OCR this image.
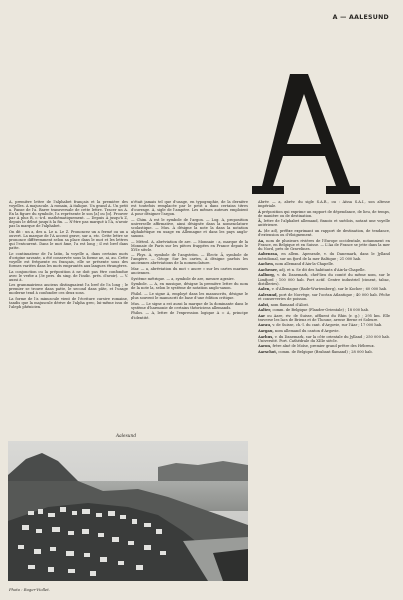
A — AALESUND

A, première lettre de l'alphabet français et la première des voyelles. A majuscule. A romain, A italique. Un grand A. Un petit a. Panse de l'a. Barre transversale de cette lettre. Tracer un A. En la figure du symbole, l'a représente le son [a] ou [ɑ]. Prouver par A plus B, c.-à-d. mathématiquement. — Depuis A jusqu'à Z, depuis le début jusqu'à la fin. — N'être pas marqué à l'A, n'avoir pas la marque de l'alphabet.

On dit : un a, des a. Le a. Le Z. Prononcez un a fermé ou un a ouvert. La marque de l'A accent grave, sur a, etc. Cette lettre se prononce différemment selon sa place dans le mot et les lettres qui l'entourent. Dans le mot âme, l'a est long ; il est bref dans patte.

Le continuateur de l'a latin, la voyelle a, dans certains mots d'origine savante, a été conservée sous la forme ae, ai, au. Cette voyelle est fréquente en français, elle se présente sous des formes variées dans les mots empruntés aux langues étrangères.

La conjonction ou la préposition à ne doit pas être confondue avec le verbe a (3e pers. du sing. de l'indic. prés. d'avoir). — V. aussi à.

Les grammairiens anciens distinguaient l'a bref de l'a long ; le premier se trouve dans patte, le second dans pâte, et l'usage moderne tend à confondre ces deux sons.

La forme de l'a minuscule vient de l'écriture cursive romaine, tandis que la majuscule dérive de l'alpha grec, lui-même issu de l'aleph phénicien.

n'était jamais tel que d'usage, en typographie, de la dernière est toutefois remplacée par le petit a dans certains titres d'ouvrage. A, sigle de l'ampère. Les mêmes auteurs emploient A pour désigner l'argon.

— Chim. A est le symbole de l'argon. — Log. A, proposition universelle affirmative, ainsi désignée dans la nomenclature scolastique. — Mus. A désigne la note la dans la notation alphabétique en usage en Allemagne et dans les pays anglo-saxons.

— Métrol. A, abréviation de are. — Monnaie : a, marque de la Monnaie de Paris sur les pièces frappées en France depuis le XVIe siècle.

— Phys. A, symbole de l'angström. — Électr. Ā, symbole de l'ampère. — Géogr. Sur les cartes, A désigne parfois les anciennes abréviations de la nomenclature.

Mar. — a, abréviation du mot « ancre » sur les cartes marines anciennes.

Système métrique. — a, symbole de are, mesure agraire.

Symbole. — A, en musique, désigne la première lettre du nom de la note la, selon le système de notation anglo-saxon.

Philol. — Le signe A, employé dans les manuscrits, désigne le plus souvent le manuscrit de base d'une édition critique.

Mus. — Le signe a est aussi la marque de la dominante dans le système d'harmonie de certains théoriciens allemands.

Philos. — A, lettre de l'expression logique A = A, principe d'identité.

Abrév. — a, abrév. du sigle S.A.R., ou : Aïssa S.A.I., son altesse impériale.

À préposition qui exprime un rapport de dépendance, de lieu, de temps, de manière ou de destination.

Ä, lettre de l'alphabet allemand, finnois et suédois, notant une voyelle antérieure.

A. (de ad), préfixe exprimant un rapport de destination, de tendance, d'extension ou d'éloignement.

Aa, nom de plusieurs rivières de l'Europe occidentale, notamment en France, en Belgique et en Suisse. — L'Aa de France se jette dans la mer du Nord, près de Gravelines.

Aabenraa, en allem. Apenrade, v. du Danemark, dans le Jylland méridional, sur un fjord de la mer Baltique ; 21 000 hab.

Aachen, nom allemand d'Aix-la-Chapelle.

Aachener, adj. et n. Se dit des habitants d'Aix-la-Chapelle.

Aalborg, v. du Danemark, chef-lieu du comté du même nom, sur le Limfjord ; 100 000 hab. Port actif. Centre industriel (ciment, tabac, distilleries).

Aalen, v. d'Allemagne (Bade-Wurtemberg), sur le Kocher ; 60 000 hab.

Aalesund, port de Norvège, sur l'océan Atlantique ; 40 000 hab. Pêche et conserveries de poisson.

Aalst, nom flamand d'Alost.

Aalter, comm. de Belgique (Flandre-Orientale) ; 18 000 hab.

Aar ou Aare, riv. de Suisse, affluent du Rhin (r. g.) ; 295 km. Elle traverse les lacs de Brienz et de Thoune, arrose Berne et Soleure.

Aarau, v. de Suisse, ch.-l. du cant. d'Argovie, sur l'Aar ; 17 000 hab.

Aargau, nom allemand du canton d'Argovie.

Aarhus, v. du Danemark, sur la côte orientale du Jylland ; 250 000 hab. Université. Port. Cathédrale du XIIIe siècle.

Aaron, frère aîné de Moïse, premier grand prêtre des Hébreux.

Aarschot, comm. de Belgique (Brabant flamand) ; 28 000 hab.

Aalesund
Photo : Roger-Viollet.
